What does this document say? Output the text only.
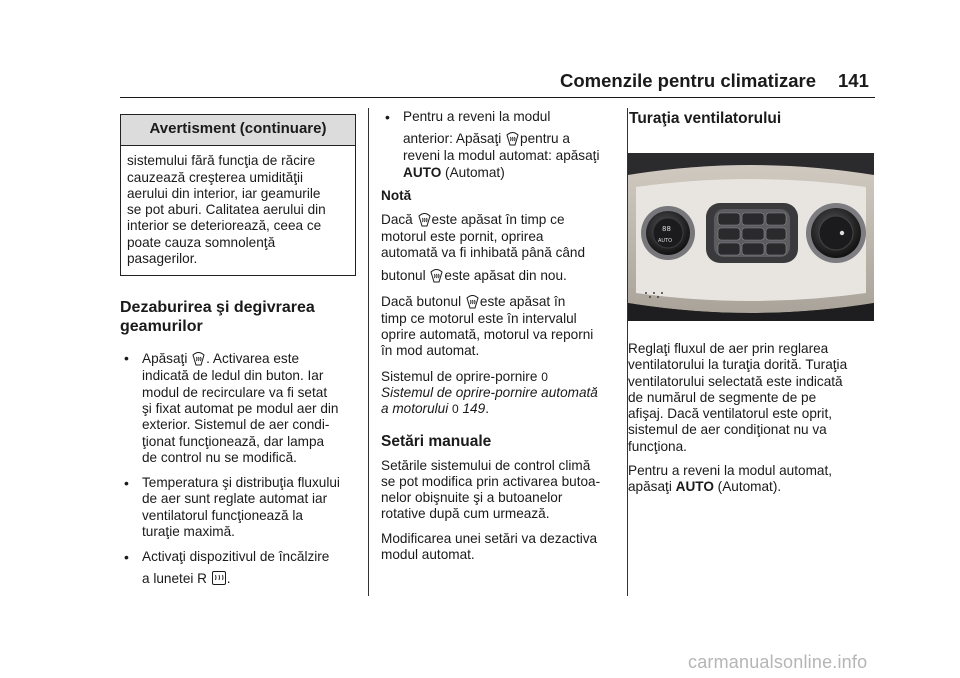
Comenzile pentru climatizare 141
Avertisment (continuare)

sistemului fără funcţia de răcire

cauzează creşterea umidităţii

aerului din interior, iar geamurile

se pot aburi. Calitatea aerului din

interior se deteriorează, ceea ce

poate cauza somnolenţă

pasagerilor.

Dezaburirea şi degivrarea
geamurilor

• Apăsaţi . Activarea este

indicată de ledul din buton. Iar

modul de recirculare va fi setat

şi fixat automat pe modul aer din

exterior. Sistemul de aer condi-

ţionat funcţionează, dar lampa

de control nu se modifică.

• Temperatura şi distribuţia fluxului

de aer sunt reglate automat iar

ventilatorul funcţionează la

turaţie maximă.

• Activaţi dispozitivul de încălzire

a lunetei R .

• Pentru a reveni la modul

anterior: Apăsaţi pentru a

reveni la modul automat: apăsaţi

AUTO (Automat)

Notă

Dacă este apăsat în timp ce

motorul este pornit, oprirea

automată va fi inhibată până când

butonul este apăsat din nou.

Dacă butonul este apăsat în

timp ce motorul este în intervalul

oprire automată, motorul va reporni

în mod automat.

Sistemul de oprire-pornire 0

Sistemul de oprire-pornire automată

a motorului 0 149.

Setări manuale

Setările sistemului de control climă

se pot modifica prin activarea butoa-

nelor obişnuite şi a butoanelor

rotative după cum urmează.

Modificarea unei setări va dezactiva

modul automat.

Turaţia ventilatorului
88
AUTO

Reglaţi fluxul de aer prin reglarea

ventilatorului la turaţia dorită. Turaţia

ventilatorului selectată este indicată

de numărul de segmente de pe

afişaj. Dacă ventilatorul este oprit,

sistemul de aer condiţionat nu va

funcţiona.

Pentru a reveni la modul automat,

apăsaţi AUTO (Automat).

carmanualsonline.info
